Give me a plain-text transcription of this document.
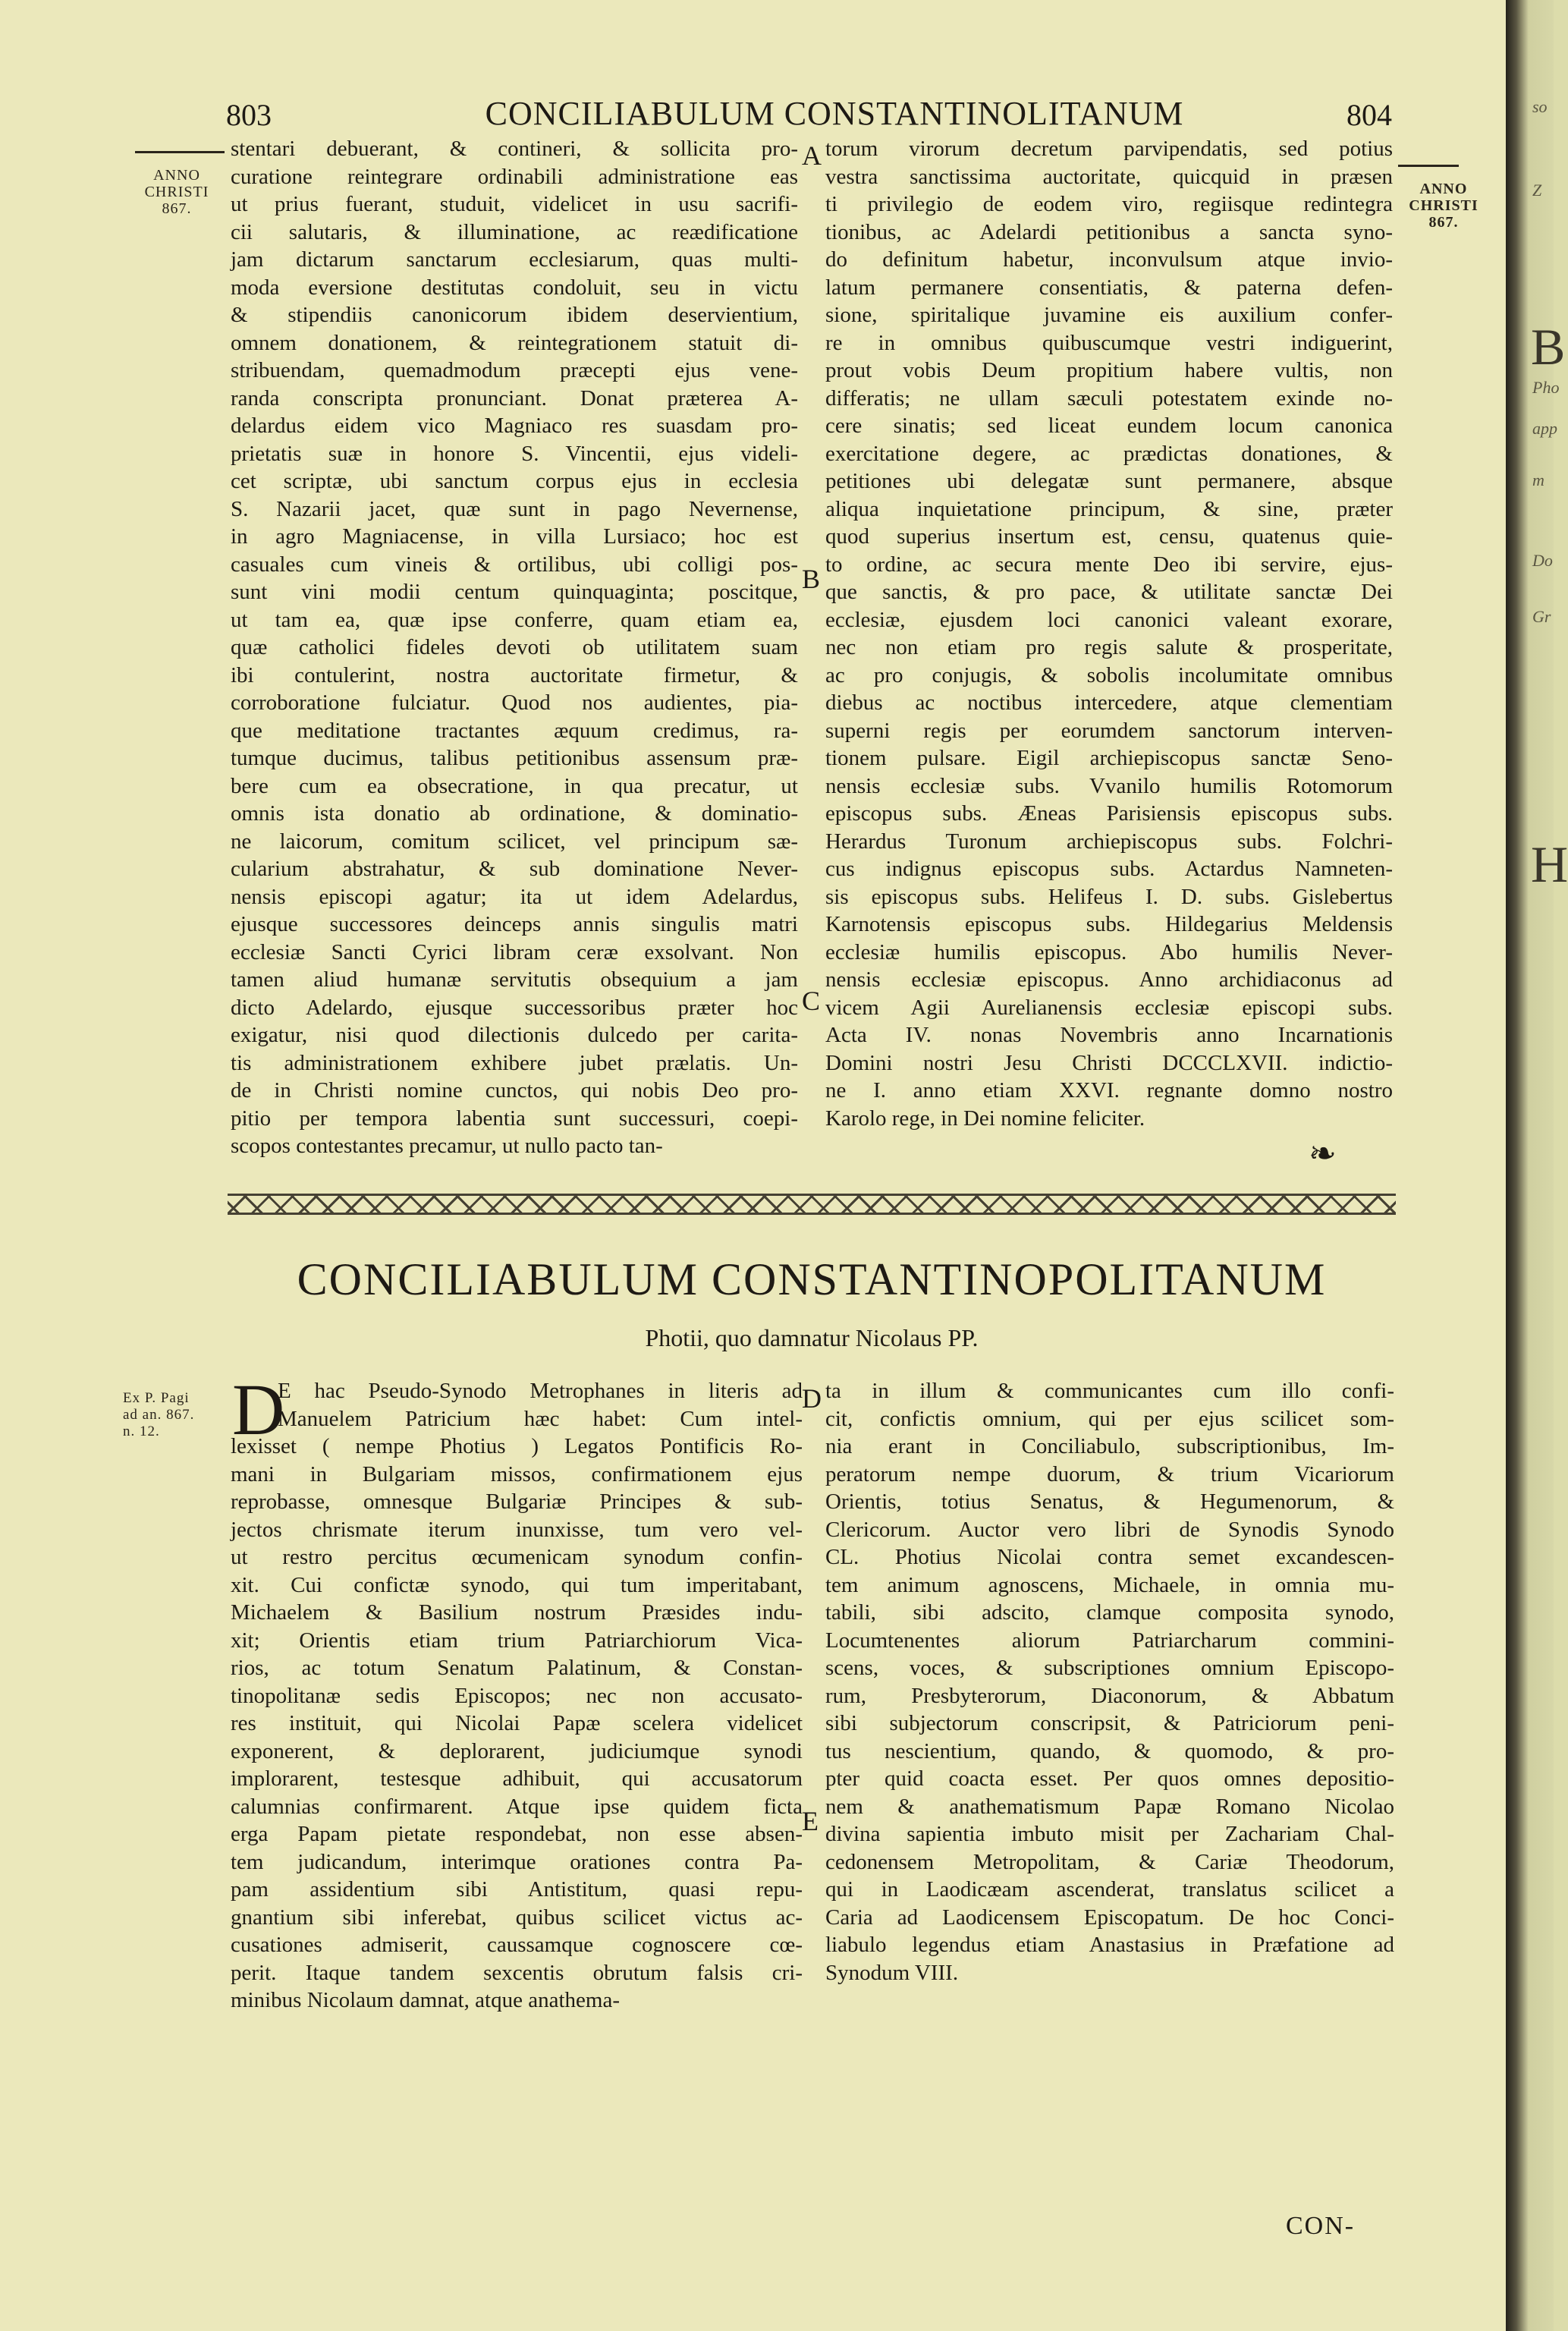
803	CONCILIABULUM CONSTANTINOLITANUM	804
ANNO
CHRISTI
867.
ANNO
CHRISTI
867.
A
B
C
D
E
stentari debuerant, & contineri, & sollicita pro-
curatione reintegrare ordinabili administratione eas
ut prius fuerant, studuit, videlicet in usu sacrifi-
cii salutaris, & illuminatione, ac reædificatione
jam dictarum sanctarum ecclesiarum, quas multi-
moda eversione destitutas condoluit, seu in victu
& stipendiis canonicorum ibidem deservientium,
omnem donationem, & reintegrationem statuit di-
stribuendam, quemadmodum præcepti ejus vene-
randa conscripta pronunciant. Donat præterea A-
delardus eidem vico Magniaco res suasdam pro-
prietatis suæ in honore S. Vincentii, ejus videli-
cet scriptæ, ubi sanctum corpus ejus in ecclesia
S. Nazarii jacet, quæ sunt in pago Nevernense,
in agro Magniacense, in villa Lursiaco; hoc est
casuales cum vineis & ortilibus, ubi colligi pos-
sunt vini modii centum quinquaginta; poscitque,
ut tam ea, quæ ipse conferre, quam etiam ea,
quæ catholici fideles devoti ob utilitatem suam
ibi contulerint, nostra auctoritate firmetur, &
corroboratione fulciatur. Quod nos audientes, pia-
que meditatione tractantes æquum credimus, ra-
tumque ducimus, talibus petitionibus assensum præ-
bere cum ea obsecratione, in qua precatur, ut
omnis ista donatio ab ordinatione, & dominatio-
ne laicorum, comitum scilicet, vel principum sæ-
cularium abstrahatur, & sub dominatione Never-
nensis episcopi agatur; ita ut idem Adelardus,
ejusque successores deinceps annis singulis matri
ecclesiæ Sancti Cyrici libram ceræ exsolvant. Non
tamen aliud humanæ servitutis obsequium a jam
dicto Adelardo, ejusque successoribus præter hoc
exigatur, nisi quod dilectionis dulcedo per carita-
tis administrationem exhibere jubet prælatis. Un-
de in Christi nomine cunctos, qui nobis Deo pro-
pitio per tempora labentia sunt successuri, coepi-
scopos contestantes precamur, ut nullo pacto tan-
torum virorum decretum parvipendatis, sed potius
vestra sanctissima auctoritate, quicquid in præsen
ti privilegio de eodem viro, regiisque redintegra
tionibus, ac Adelardi petitionibus a sancta syno-
do definitum habetur, inconvulsum atque invio-
latum permanere consentiatis, & paterna defen-
sione, spiritalique juvamine eis auxilium confer-
re in omnibus quibuscumque vestri indiguerint,
prout vobis Deum propitium habere vultis, non
differatis; ne ullam sæculi potestatem exinde no-
cere sinatis; sed liceat eundem locum canonica
exercitatione degere, ac prædictas donationes, &
petitiones ubi delegatæ sunt permanere, absque
aliqua inquietatione principum, & sine, præter
quod superius insertum est, censu, quatenus quie-
to ordine, ac secura mente Deo ibi servire, ejus-
que sanctis, & pro pace, & utilitate sanctæ Dei
ecclesiæ, ejusdem loci canonici valeant exorare,
nec non etiam pro regis salute & prosperitate,
ac pro conjugis, & sobolis incolumitate omnibus
diebus ac noctibus intercedere, atque clementiam
superni regis per eorumdem sanctorum interven-
tionem pulsare. Eigil archiepiscopus sanctæ Seno-
nensis ecclesiæ subs. Vvanilo humilis Rotomorum
episcopus subs. Æneas Parisiensis episcopus subs.
Herardus Turonum archiepiscopus subs. Folchri-
cus indignus episcopus subs. Actardus Namneten-
sis episcopus subs. Helifeus I. D. subs. Gislebertus
Karnotensis episcopus subs. Hildegarius Meldensis
ecclesiæ humilis episcopus. Abo humilis Never-
nensis ecclesiæ episcopus. Anno archidiaconus ad
vicem Agii Aurelianensis ecclesiæ episcopi subs.
Acta IV. nonas Novembris anno Incarnationis
Domini nostri Jesu Christi DCCCLXVII. indictio-
ne I. anno etiam XXVI. regnante domno nostro
Karolo rege, in Dei nomine feliciter.
❧
CONCILIABULUM CONSTANTINOPOLITANUM
Photii, quo damnatur Nicolaus PP.
Ex P. Pagi
ad an. 867.
n. 12. D
E hac Pseudo-Synodo Metrophanes in literis ad
Manuelem Patricium hæc habet: Cum intel-
lexisset ( nempe Photius ) Legatos Pontificis Ro-
mani in Bulgariam missos, confirmationem ejus
reprobasse, omnesque Bulgariæ Principes & sub-
jectos chrismate iterum inunxisse, tum vero vel-
ut restro percitus œcumenicam synodum confin-
xit. Cui confictæ synodo, qui tum imperitabant,
Michaelem & Basilium nostrum Præsides indu-
xit; Orientis etiam trium Patriarchiorum Vica-
rios, ac totum Senatum Palatinum, & Constan-
tinopolitanæ sedis Episcopos; nec non accusato-
res instituit, qui Nicolai Papæ scelera videlicet
exponerent, & deplorarent, judiciumque synodi
implorarent, testesque adhibuit, qui accusatorum
calumnias confirmarent. Atque ipse quidem ficta
erga Papam pietate respondebat, non esse absen-
tem judicandum, interimque orationes contra Pa-
pam assidentium sibi Antistitum, quasi repu-
gnantium sibi inferebat, quibus scilicet victus ac-
cusationes admiserit, caussamque cognoscere cœ-
perit. Itaque tandem sexcentis obrutum falsis cri-
minibus Nicolaum damnat, atque anathema-
ta in illum & communicantes cum illo confi-
cit, confictis omnium, qui per ejus scilicet som-
nia erant in Conciliabulo, subscriptionibus, Im-
peratorum nempe duorum, & trium Vicariorum
Orientis, totius Senatus, & Hegumenorum, &
Clericorum. Auctor vero libri de Synodis Synodo
CL. Photius Nicolai contra semet excandescen-
tem animum agnoscens, Michaele, in omnia mu-
tabili, sibi adscito, clamque composita synodo,
Locumtenentes aliorum Patriarcharum commini-
scens, voces, & subscriptiones omnium Episcopo-
rum, Presbyterorum, Diaconorum, & Abbatum
sibi subjectorum conscripsit, & Patriciorum peni-
tus nescientium, quando, & quomodo, & pro-
pter quid coacta esset. Per quos omnes depositio-
nem & anathematismum Papæ Romano Nicolao
divina sapientia imbuto misit per Zachariam Chal-
cedonensem Metropolitam, & Cariæ Theodorum,
qui in Laodicæam ascenderat, translatus scilicet a
Caria ad Laodicensem Episcopatum. De hoc Conci-
liabulo legendus etiam Anastasius in Præfatione ad
Synodum VIII.
CON-
so
Z
B
H
Pho
app
m
Do
Gr
